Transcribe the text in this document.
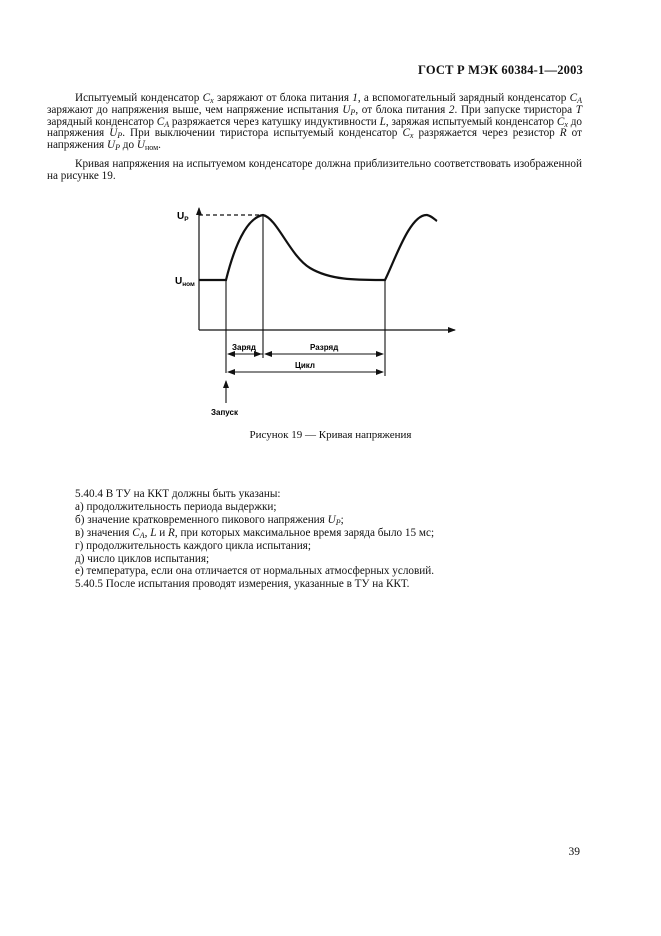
ГОСТ Р МЭК 60384-1—2003
Испытуемый конденсатор $C_x$ заряжают от блока питания 1, а вспомогательный зарядный конденсатор $C_A$ заряжают до напряжения выше, чем напряжение испытания $U_P$, от блока питания 2. При запуске тиристора T зарядный конденсатор $C_A$ разряжается через катушку индуктивности L, заряжая испытуемый конденсатор $C_x$ до напряжения $U_P$. При выключении тиристора испытуемый конденсатор $C_x$ разряжается через резистор R от напряжения $U_P$ до $U_{ном}$.
Кривая напряжения на испытуемом конденсаторе должна приблизительно соответствовать изображенной на рисунке 19.
$U_P$
$U_{ном}$
Заряд	Разряд
Цикл
Запуск
Рисунок 19 — Кривая напряжения
5.40.4 В ТУ на ККТ должны быть указаны:
а) продолжительность периода выдержки;
б) значение кратковременного пикового напряжения $U_P$;
в) значения $C_A$, L и R, при которых максимальное время заряда было 15 мс;
г) продолжительность каждого цикла испытания;
д) число циклов испытания;
е) температура, если она отличается от нормальных атмосферных условий.
5.40.5 После испытания проводят измерения, указанные в ТУ на ККТ.
39
